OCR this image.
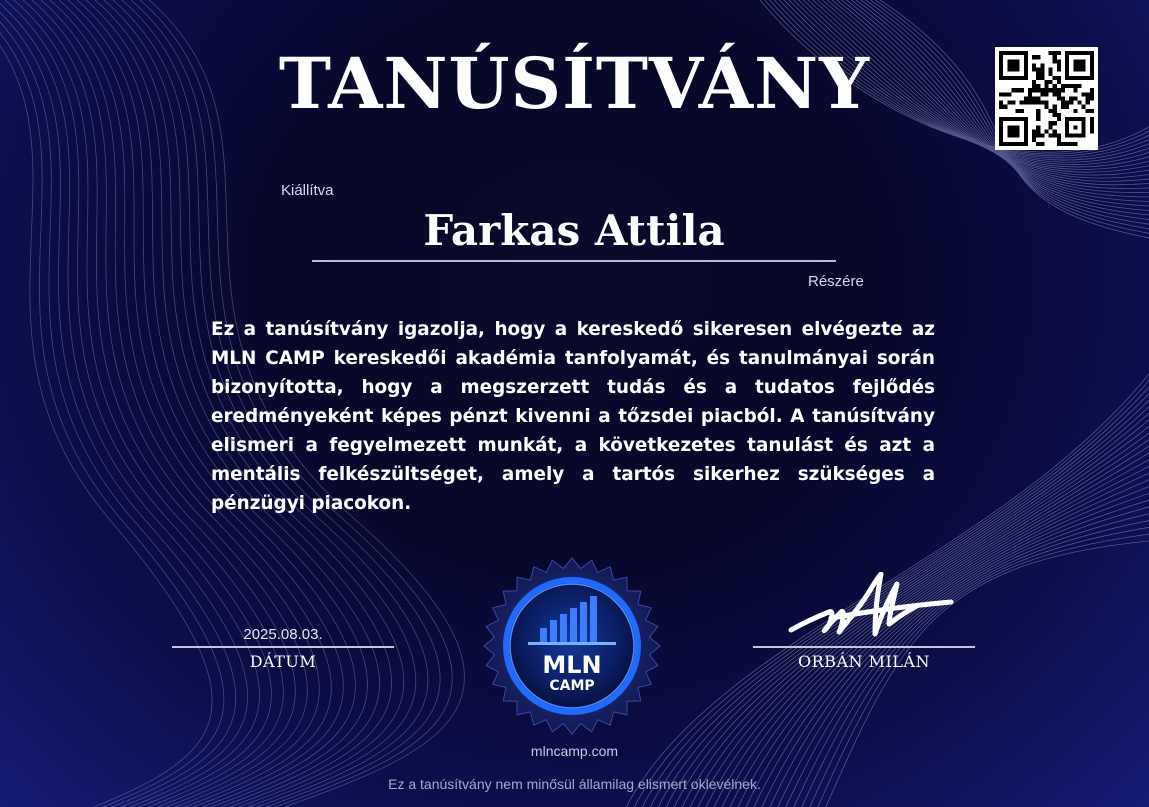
TANÚSÍTVÁNY
Kiállítva
Farkas Attila
Részére

Ez a tanúsítvány igazolja, hogy a kereskedő sikeresen elvégezte az MLN CAMP kereskedői akadémia tanfolyamát, és tanulmányai során bizonyította, hogy a megszerzett tudás és a tudatos fejlődés eredményeként képes pénzt kivenni a tőzsdei piacból. A tanúsítvány elismeri a fegyelmezett munkát, a következetes tanulást és azt a mentális felkészültséget, amely a tartós sikerhez szükséges a pénzügyi piacokon.

2025.08.03.
DÁTUM	MLN
CAMP
ORBÁN MILÁN
mlncamp.com
Ez a tanúsítvány nem minősül államilag elismert oklevélnek.
